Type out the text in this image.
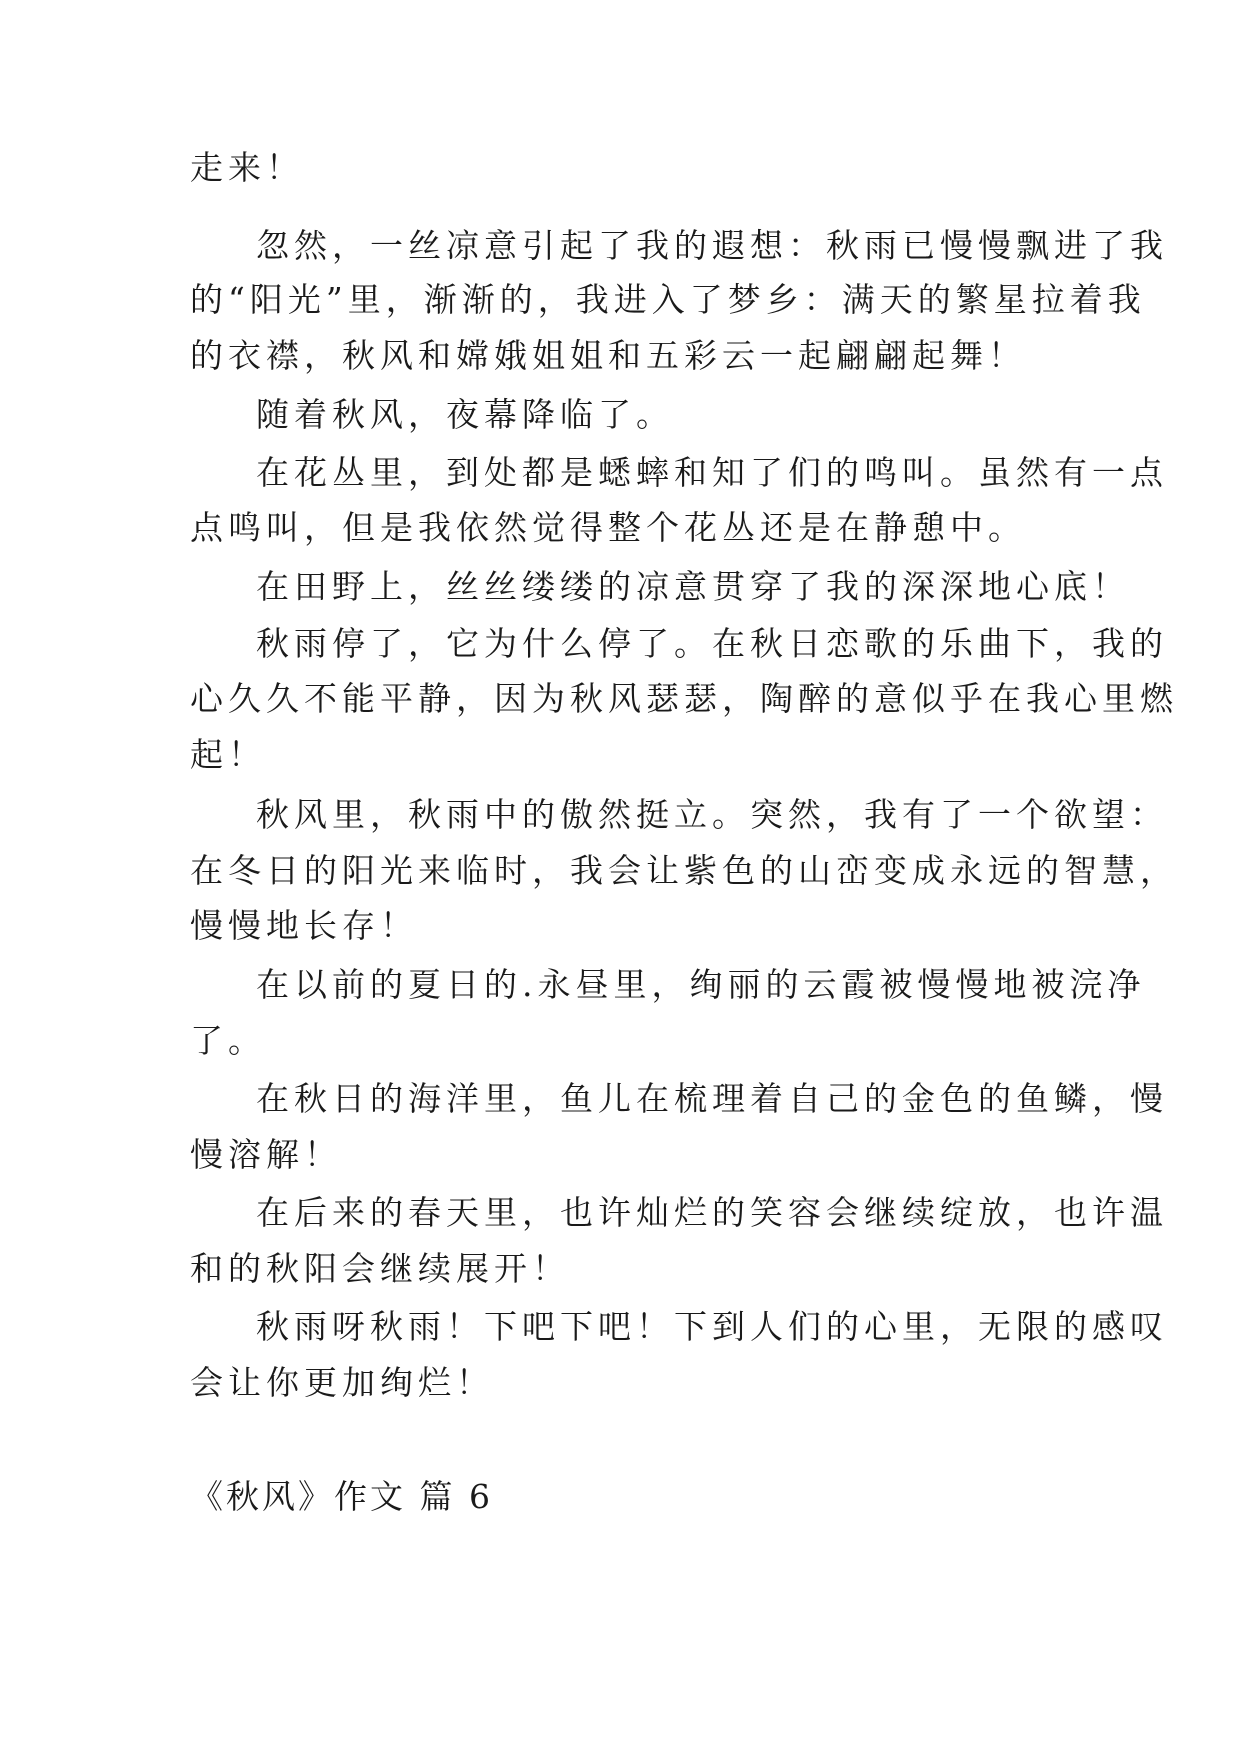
走来！
忽然，一丝凉意引起了我的遐想：秋雨已慢慢飘进了我
的“阳光”里，渐渐的，我进入了梦乡：满天的繁星拉着我
的衣襟，秋风和嫦娥姐姐和五彩云一起翩翩起舞！
随着秋风，夜幕降临了。
在花丛里，到处都是蟋蟀和知了们的鸣叫。虽然有一点
点鸣叫，但是我依然觉得整个花丛还是在静憩中。
在田野上，丝丝缕缕的凉意贯穿了我的深深地心底！
秋雨停了，它为什么停了。在秋日恋歌的乐曲下，我的
心久久不能平静，因为秋风瑟瑟，陶醉的意似乎在我心里燃
起！
秋风里，秋雨中的傲然挺立。突然，我有了一个欲望：
在冬日的阳光来临时，我会让紫色的山峦变成永远的智慧，
慢慢地长存！
在以前的夏日的.永昼里，绚丽的云霞被慢慢地被浣净
了。
在秋日的海洋里，鱼儿在梳理着自己的金色的鱼鳞，慢
慢溶解！
在后来的春天里，也许灿烂的笑容会继续绽放，也许温
和的秋阳会继续展开！
秋雨呀秋雨！下吧下吧！下到人们的心里，无限的感叹
会让你更加绚烂！
《秋风》作文 篇 6
